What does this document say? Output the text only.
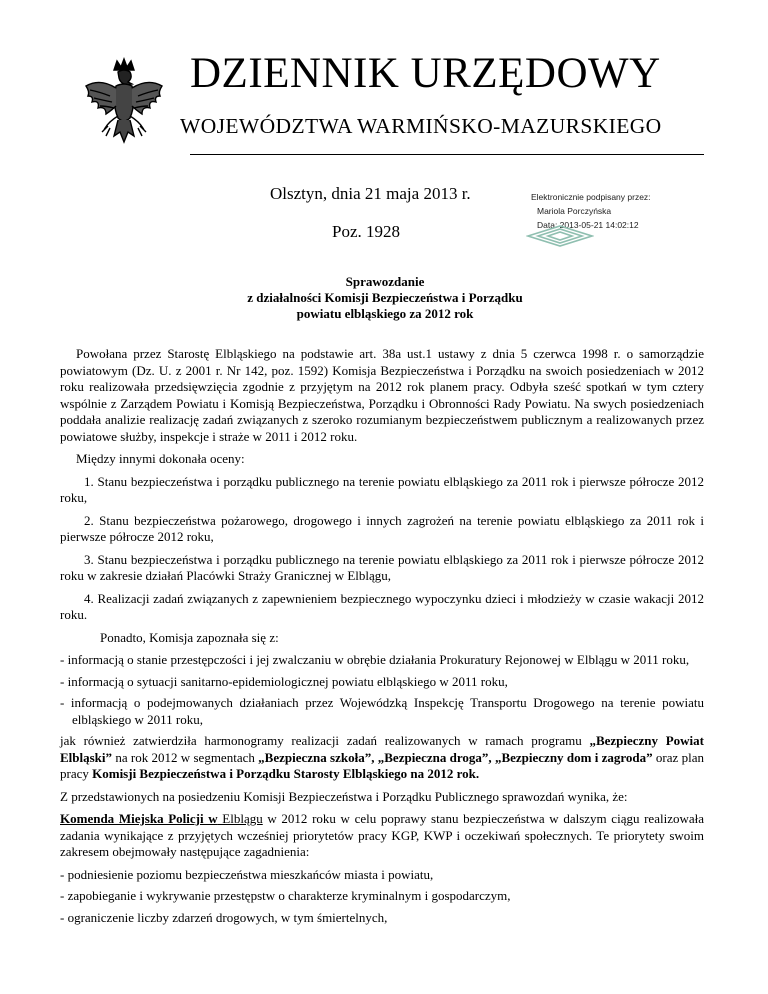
DZIENNIK URZĘDOWY
WOJEWÓDZTWA WARMIŃSKO-MAZURSKIEGO
Olsztyn, dnia 21 maja 2013 r.
Poz. 1928
Elektronicznie podpisany przez:
Mariola Porczyńska
Data: 2013-05-21 14:02:12
Sprawozdanie
z działalności Komisji Bezpieczeństwa i Porządku
powiatu elbląskiego za 2012 rok

Powołana przez Starostę Elbląskiego na podstawie art. 38a ust.1 ustawy z dnia 5 czerwca 1998 r. o samorządzie powiatowym (Dz. U. z 2001 r. Nr 142, poz. 1592) Komisja Bezpieczeństwa i Porządku na swoich posiedzeniach w 2012 roku realizowała przedsięwzięcia zgodnie z przyjętym na 2012 rok planem pracy. Odbyła sześć spotkań w tym cztery wspólnie z Zarządem Powiatu i Komisją Bezpieczeństwa, Porządku i Obronności Rady Powiatu. Na swych posiedzeniach poddała analizie realizację zadań związanych z szeroko rozumianym bezpieczeństwem publicznym a realizowanych przez powiatowe służby, inspekcje i straże w 2011 i 2012 roku.

Między innymi dokonała oceny:

1. Stanu bezpieczeństwa i porządku publicznego na terenie powiatu elbląskiego za 2011 rok i pierwsze półrocze 2012 roku,

2. Stanu bezpieczeństwa pożarowego, drogowego i innych zagrożeń na terenie powiatu elbląskiego za 2011 rok i pierwsze półrocze 2012 roku,

3. Stanu bezpieczeństwa i porządku publicznego na terenie powiatu elbląskiego za 2011 rok i pierwsze półrocze 2012 roku w zakresie działań Placówki Straży Granicznej w Elblągu,

4. Realizacji zadań związanych z zapewnieniem bezpiecznego wypoczynku dzieci i młodzieży w czasie wakacji 2012 roku.

Ponadto, Komisja zapoznała się z:

- informacją o stanie przestępczości i jej zwalczaniu w obrębie działania Prokuratury Rejonowej w Elblągu w 2011 roku,

- informacją o sytuacji sanitarno-epidemiologicznej powiatu elbląskiego w 2011 roku,

- informacją o podejmowanych działaniach przez Wojewódzką Inspekcję Transportu Drogowego na terenie powiatu elbląskiego w 2011 roku,

jak również zatwierdziła harmonogramy realizacji zadań realizowanych w ramach programu „Bezpieczny Powiat Elbląski” na rok 2012 w segmentach „Bezpieczna szkoła”, „Bezpieczna droga”, „Bezpieczny dom i zagroda” oraz plan pracy Komisji Bezpieczeństwa i Porządku Starosty Elbląskiego na 2012 rok.

Z przedstawionych na posiedzeniu Komisji Bezpieczeństwa i Porządku Publicznego sprawozdań wynika, że:

Komenda Miejska Policji w Elblągu w 2012 roku w celu poprawy stanu bezpieczeństwa w dalszym ciągu realizowała zadania wynikające z przyjętych wcześniej priorytetów pracy KGP, KWP i oczekiwań społecznych. Te priorytety swoim zakresem obejmowały następujące zagadnienia:

- podniesienie poziomu bezpieczeństwa mieszkańców miasta i powiatu,

- zapobieganie i wykrywanie przestępstw o charakterze kryminalnym i gospodarczym,

- ograniczenie liczby zdarzeń drogowych, w tym śmiertelnych,
